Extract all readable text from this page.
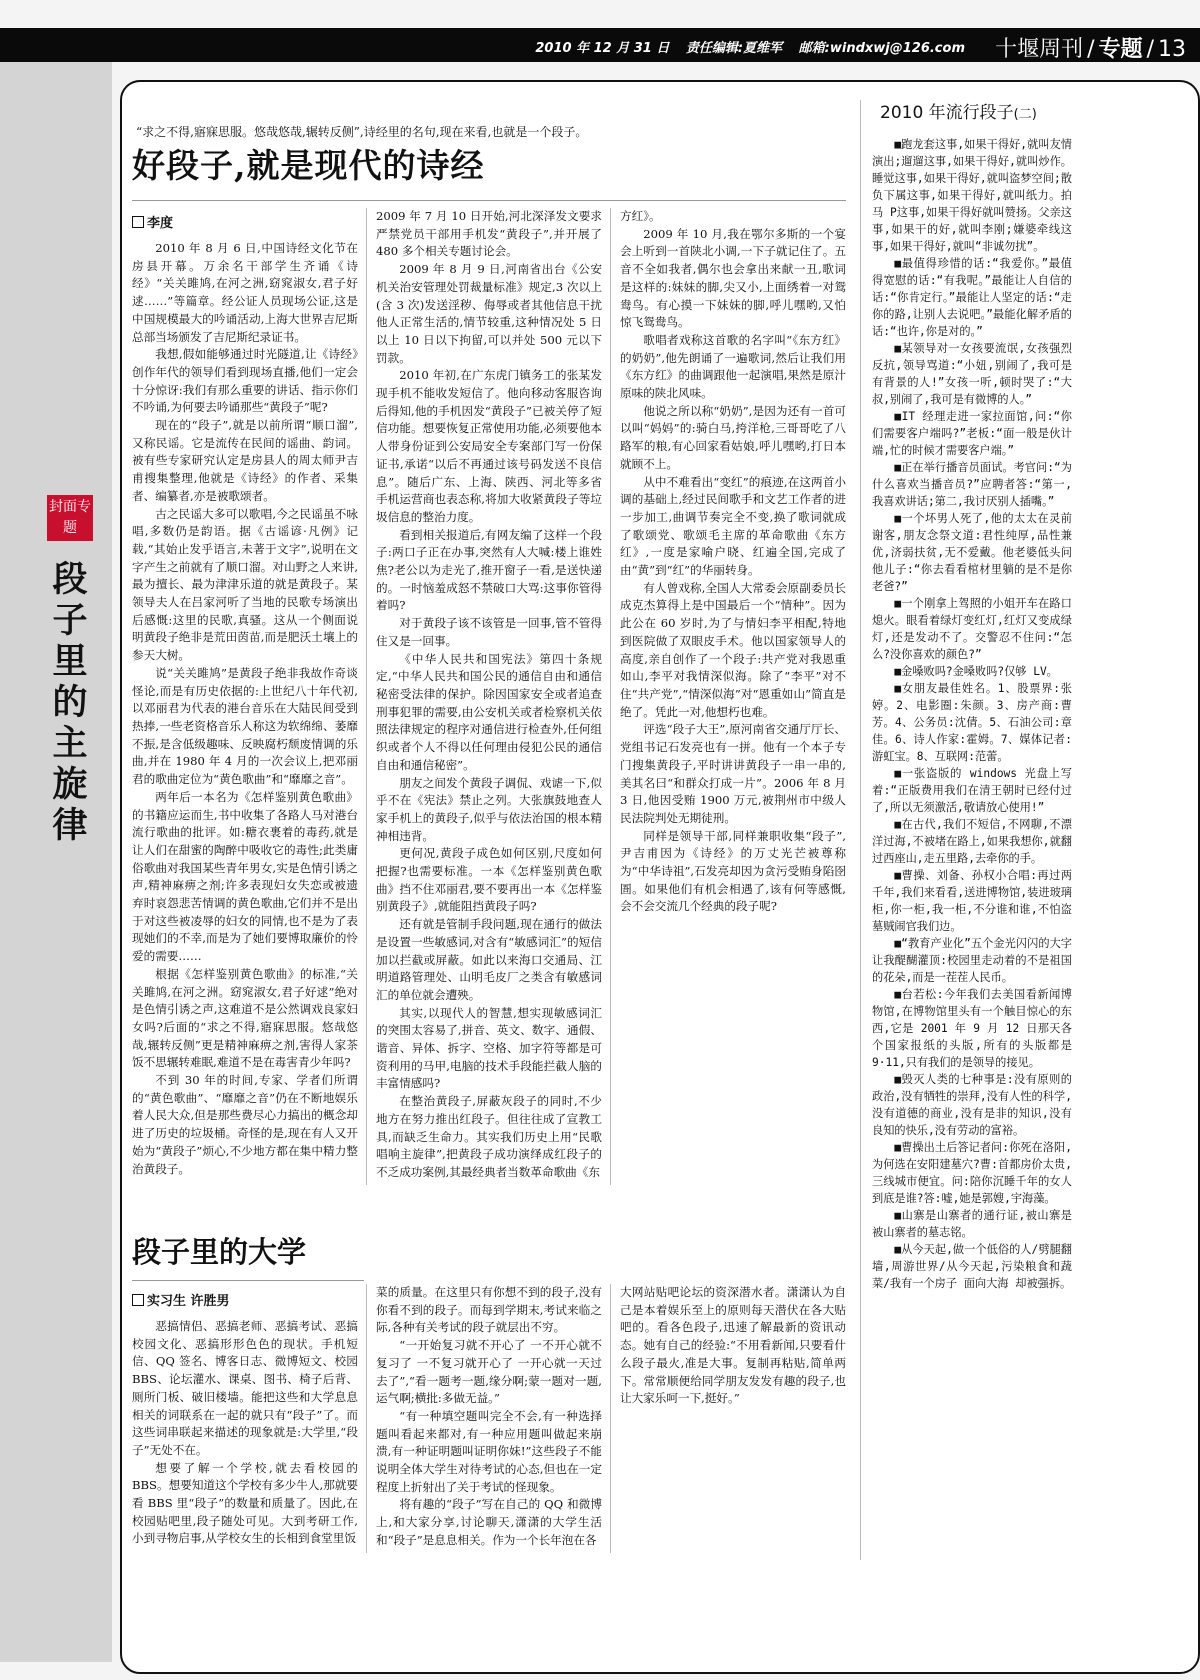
2010 年 12 月 31 日 责任编辑:夏维军 邮箱:windxwj@126.com 十堰周刊 / 专题 / 13
封面专题
段子里的主旋律
“求之不得,寤寐思服。悠哉悠哉,辗转反侧”,诗经里的名句,现在来看,也就是一个段子。
好段子,就是现代的诗经
李度

2010 年 8 月 6 日,中国诗经文化节在房县开幕。万余名干部学生齐诵《诗经》“关关雎鸠,在河之洲,窈窕淑女,君子好逑……”等篇章。经公证人员现场公证,这是中国规模最大的吟诵活动,上海大世界吉尼斯总部当场颁发了吉尼斯纪录证书。

我想,假如能够通过时光隧道,让《诗经》创作年代的领导们看到现场直播,他们一定会十分惊讶:我们有那么重要的讲话、指示你们不吟诵,为何要去吟诵那些“黄段子”呢?

现在的“段子”,就是以前所谓“顺口溜”,又称民谣。它是流传在民间的谣曲、韵词。被有些专家研究认定是房县人的周太师尹吉甫搜集整理,他就是《诗经》的作者、采集者、编纂者,亦是被歌颂者。

古之民谣大多可以歌唱,今之民谣虽不咏唱,多数仍是韵语。据《古谣谚·凡例》记载,“其始止发乎语言,未著于文字”,说明在文字产生之前就有了顺口溜。对山野之人来讲,最为擅长、最为津津乐道的就是黄段子。某领导夫人在吕家河听了当地的民歌专场演出后感慨:这里的民歌,真骚。这从一个侧面说明黄段子绝非是荒田茵苗,而是肥沃土壤上的参天大树。

说“关关雎鸠”是黄段子绝非我故作奇谈怪论,而是有历史依据的:上世纪八十年代初,以邓丽君为代表的港台音乐在大陆民间受到热捧,一些老资格音乐人称这为软绵绵、萎靡不振,是含低级趣味、反映腐朽颓废情调的乐曲,并在 1980 年 4 月的一次会议上,把邓丽君的歌曲定位为“黄色歌曲”和“靡靡之音”。

两年后一本名为《怎样鉴别黄色歌曲》的书籍应运而生,书中收集了各路人马对港台流行歌曲的批评。如:糖衣裹着的毒药,就是让人们在甜蜜的陶醉中吸收它的毒性;此类庸俗歌曲对我国某些青年男女,实是色情引诱之声,精神麻痹之剂;许多表现妇女失恋或被遗弃时哀怨悲苦情调的黄色歌曲,它们并不是出于对这些被凌辱的妇女的同情,也不是为了表现她们的不幸,而是为了她们要博取廉价的怜爱的需要……

根据《怎样鉴别黄色歌曲》的标准,“关关雎鸠,在河之洲。窈窕淑女,君子好逑”绝对是色情引诱之声,这难道不是公然调戏良家妇女吗?后面的“求之不得,寤寐思服。悠哉悠哉,辗转反侧”更是精神麻痹之剂,害得人家茶饭不思辗转难眠,难道不是在毒害青少年吗?

不到 30 年的时间,专家、学者们所谓的“黄色歌曲”、“靡靡之音”仍在不断地娱乐着人民大众,但是那些费尽心力搞出的概念却进了历史的垃圾桶。奇怪的是,现在有人又开始为“黄段子”烦心,不少地方都在集中精力整治黄段子。

2009 年 7 月 10 日开始,河北深泽发文要求严禁党员干部用手机发“黄段子”,并开展了 480 多个相关专题讨论会。

2009 年 8 月 9 日,河南省出台《公安机关治安管理处罚裁量标准》规定,3 次以上(含 3 次)发送淫秽、侮辱或者其他信息干扰他人正常生活的,情节较重,这种情况处 5 日以上 10 日以下拘留,可以并处 500 元以下罚款。

2010 年初,在广东虎门镇务工的张某发现手机不能收发短信了。他向移动客服咨询后得知,他的手机因发“黄段子”已被关停了短信功能。想要恢复正常使用功能,必须要他本人带身份证到公安局安全专案部门写一份保证书,承诺“以后不再通过该号码发送不良信息”。随后广东、上海、陕西、河北等多省手机运营商也表态称,将加大收紧黄段子等垃圾信息的整治力度。

看到相关报道后,有网友编了这样一个段子:两口子正在办事,突然有人大喊:楼上谁姓焦?老公以为走光了,推开窗子一看,是送快递的。一时恼羞成怒不禁破口大骂:这事你管得着吗?

对于黄段子该不该管是一回事,管不管得住又是一回事。

《中华人民共和国宪法》第四十条规定,“中华人民共和国公民的通信自由和通信秘密受法律的保护。除因国家安全或者追查刑事犯罪的需要,由公安机关或者检察机关依照法律规定的程序对通信进行检查外,任何组织或者个人不得以任何理由侵犯公民的通信自由和通信秘密”。

朋友之间发个黄段子调侃、戏谑一下,似乎不在《宪法》禁止之列。大张旗鼓地查人家手机上的黄段子,似乎与依法治国的根本精神相违背。

更何况,黄段子成色如何区别,尺度如何把握?也需要标准。一本《怎样鉴别黄色歌曲》挡不住邓丽君,要不要再出一本《怎样鉴别黄段子》,就能阻挡黄段子吗?

还有就是管制手段问题,现在通行的做法是设置一些敏感词,对含有“敏感词汇”的短信加以拦截或屏蔽。如此以来海口交通局、江明道路管理处、山明毛皮厂之类含有敏感词汇的单位就会遭殃。

其实,以现代人的智慧,想实现敏感词汇的突围太容易了,拼音、英文、数字、通假、谐音、异体、拆字、空格、加字符等都是可资利用的马甲,电脑的技术手段能拦截人脑的丰富情感吗?

在整治黄段子,屏蔽灰段子的同时,不少地方在努力推出红段子。但往往成了宣教工具,而缺乏生命力。其实我们历史上用“民歌唱响主旋律”,把黄段子成功演绎成红段子的不乏成功案例,其最经典者当数革命歌曲《东

方红》。

2009 年 10 月,我在鄂尔多斯的一个宴会上听到一首陕北小调,一下子就记住了。五音不全如我者,偶尔也会拿出来献一丑,歌词是这样的:妹妹的脚,尖又小,上面绣着一对鸳鸯鸟。有心摸一下妹妹的脚,呼儿嘿哟,又怕惊飞鸳鸯鸟。

歌唱者戏称这首歌的名字叫“《东方红》的奶奶”,他先朗诵了一遍歌词,然后让我们用《东方红》的曲调跟他一起演唱,果然是原汁原味的陕北风味。

他说之所以称“奶奶”,是因为还有一首可以叫“妈妈”的:骑白马,挎洋枪,三哥哥吃了八路军的粮,有心回家看姑娘,呼儿嘿哟,打日本就顾不上。

从中不难看出“变红”的痕迹,在这两首小调的基础上,经过民间歌手和文艺工作者的进一步加工,曲调节奏完全不变,换了歌词就成了歌颂党、歌颂毛主席的革命歌曲《东方红》,一度是家喻户晓、红遍全国,完成了由“黄”到“红”的华丽转身。

有人曾戏称,全国人大常委会原副委员长成克杰算得上是中国最后一个“情种”。因为此公在 60 岁时,为了与情妇李平相配,特地到医院做了双眼皮手术。他以国家领导人的高度,亲自创作了一个段子:共产党对我恩重如山,李平对我情深似海。除了“李平”对不住“共产党”,“情深似海”对“恩重如山”简直是绝了。凭此一对,他想朽也难。

评选“段子大王”,原河南省交通厅厅长、党组书记石发亮也有一拼。他有一个本子专门搜集黄段子,平时讲讲黄段子一串一串的,美其名曰“和群众打成一片”。2006 年 8 月 3 日,他因受贿 1900 万元,被荆州市中级人民法院判处无期徒刑。

同样是领导干部,同样兼职收集“段子”,尹吉甫因为《诗经》的万丈光芒被尊称为“中华诗祖”,石发亮却因为贪污受贿身陷囹圄。如果他们有机会相遇了,该有何等感慨,会不会交流几个经典的段子呢?

段子里的大学
实习生 许胜男

恶搞情侣、恶搞老师、恶搞考试、恶搞校园文化、恶搞形形色色的现状。手机短信、QQ 签名、博客日志、微博短文、校园 BBS、论坛灌水、课桌、图书、椅子后背、厕所门板、破旧楼墙。能把这些和大学息息相关的词联系在一起的就只有“段子”了。而这些词串联起来描述的现象就是:大学里,“段子”无处不在。

想要了解一个学校,就去看校园的 BBS。想要知道这个学校有多少牛人,那就要看 BBS 里“段子”的数量和质量了。因此,在校园贴吧里,段子随处可见。大到考研工作,小到寻物启事,从学校女生的长相到食堂里饭

菜的质量。在这里只有你想不到的段子,没有你看不到的段子。而每到学期末,考试来临之际,各种有关考试的段子就层出不穷。

“一开始复习就不开心了 一不开心就不复习了 一不复习就开心了 一开心就一天过去了”,“看一题考一题,缘分啊;蒙一题对一题,运气啊;横批:多做无益。”

“有一种填空题叫完全不会,有一种选择题叫看起来都对,有一种应用题叫做起来崩溃,有一种证明题叫证明你妹!”这些段子不能说明全体大学生对待考试的心态,但也在一定程度上折射出了关于考试的怪现象。

将有趣的“段子”写在自己的 QQ 和微博上,和大家分享,讨论聊天,潇潇的大学生活和“段子”是息息相关。作为一个长年泡在各

大网站贴吧论坛的资深潜水者。潇潇认为自己是本着娱乐至上的原则每天潜伏在各大贴吧的。看各色段子,迅速了解最新的资讯动态。她有自己的经验:“不用看新闻,只要看什么段子最火,准是大事。复制再粘贴,简单两下。常常顺便给同学朋友发发有趣的段子,也让大家乐呵一下,挺好。”

2010 年流行段子(二)

■跑龙套这事,如果干得好,就叫友情演出;遛遛这事,如果干得好,就叫炒作。睡觉这事,如果干得好,就叫盗梦空间;散负下属这事,如果干得好,就叫纸力。拍马 P这事,如果干得好就叫赞扬。父亲这事,如果干的好,就叫李刚;嫌婆牵线这事,如果干得好,就叫“非诚勿扰”。

■最值得珍惜的话:“我爱你。”最值得宽慰的话:“有我呢。”最能让人自信的话:“你肯定行。”最能让人坚定的话:“走你的路,让别人去说吧。”最能化解矛盾的话:“也许,你是对的。”

■某领导对一女孩要流氓,女孩强烈反抗,领导骂道:“小妞,别闹了,我可是有背景的人!”女孩一听,顿时哭了:“大叔,别闹了,我可是有微博的人。”

■IT 经理走进一家拉面馆,问:“你们需要客户端吗?”老板:“面一般是伙计端,忙的时候才需要客户端。”

■正在举行播音员面试。考官问:“为什么喜欢当播音员?”应聘者答:“第一,我喜欢讲话;第二,我讨厌别人插嘴。”

■一个坏男人死了,他的太太在灵前谢客,朋友念祭文道:君性纯厚,品性兼优,济弱扶贫,无不爱戴。他老婆低头问他儿子:“你去看看棺材里躺的是不是你老爸?”

■一个刚拿上驾照的小姐开车在路口熄火。眼看着绿灯变红灯,红灯又变成绿灯,还是发动不了。交警忍不住问:“怎么?没你喜欢的颜色?”

■金嗓败吗?金嗓败吗?仅够 LV。

■女朋友最佳姓名。1、股票界:张婷。2、电影圈:朱颜。3、房产商:曹芳。4、公务员:沈倩。5、石油公司:章佳。6、诗人作家:霍姆。7、媒体记者:游虹宝。8、互联网:范蕾。

■一张盗版的 windows 光盘上写着:“正版费用我们在清王朝时已经付过了,所以无须激活,敬请放心使用!”

■在古代,我们不短信,不网聊,不漂洋过海,不被堵在路上,如果我想你,就翻过西座山,走五里路,去牵你的手。

■曹操、刘备、孙权小合唱:再过两千年,我们来看看,送进博物馆,装进玻璃柜,你一柜,我一柜,不分谁和谁,不怕盗墓贼闹官我们边。

■“教育产业化”五个金光闪闪的大字让我醍醐灌顶:校园里走动着的不是祖国的花朵,而是一茬茬人民币。

■台若松:今年我们去美国看新闻博物馆,在博物馆里头有一个触目惊心的东西,它是 2001 年 9 月 12 日那天各个国家报纸的头版,所有的头版都是 9·11,只有我们的是领导的接见。

■毁灭人类的七种事是:没有原则的政治,没有牺牲的崇拜,没有人性的科学,没有道德的商业,没有是非的知识,没有良知的快乐,没有劳动的富裕。

■曹操出土后答记者问:你死在洛阳,为何选在安阳建墓穴?曹:首都房价太贵,三线城市便宜。问:陪你沉睡千年的女人到底是谁?答:嘘,她是郭嫂,宇海藻。

■山寨是山寨者的通行证,被山寨是被山寨者的墓志铭。

■从今天起,做一个低俗的人/劈腿翻墙,周游世界/从今天起,污染粮食和蔬菜/我有一个房子 面向大海 却被强拆。
